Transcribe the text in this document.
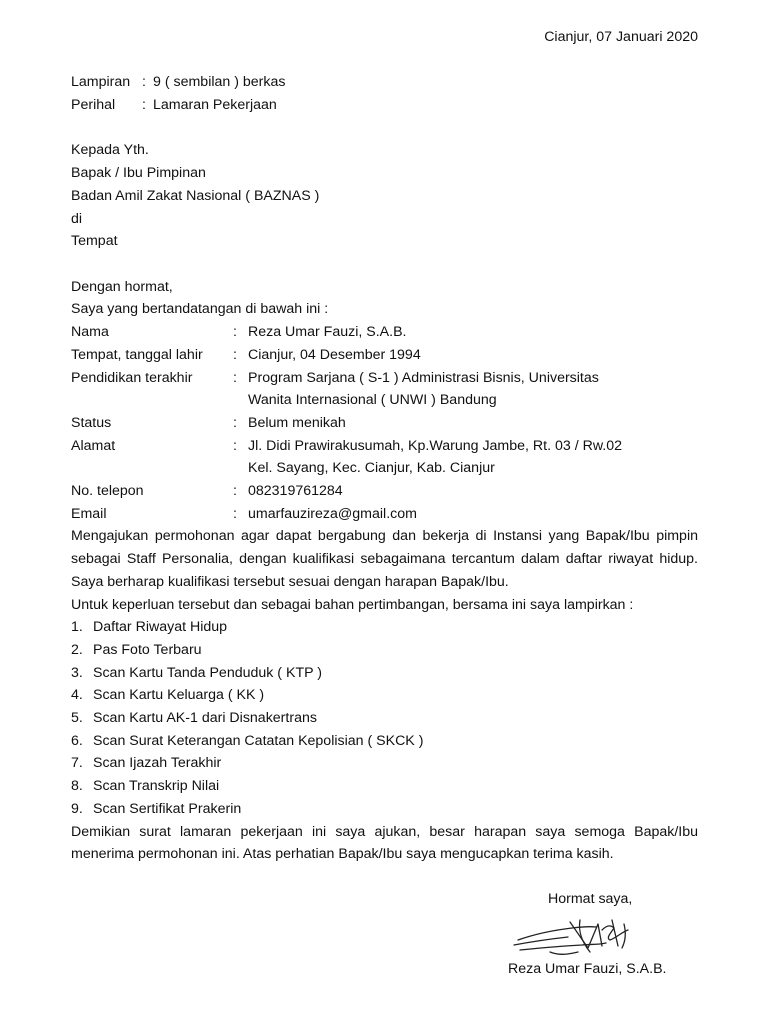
Cianjur, 07 Januari 2020
Lampiran : 9 ( sembilan ) berkas
Perihal	: Lamaran Pekerjaan
Kepada Yth.
Bapak / Ibu Pimpinan
Badan Amil Zakat Nasional ( BAZNAS )
di
Tempat
Dengan hormat,
Saya yang bertandatangan di bawah ini :
Nama	: Reza Umar Fauzi, S.A.B.
Tempat, tanggal lahir	: Cianjur, 04 Desember 1994
Pendidikan terakhir	: Program Sarjana ( S-1 ) Administrasi Bisnis, Universitas
Wanita Internasional ( UNWI ) Bandung
Status	: Belum menikah
Alamat	: Jl. Didi Prawirakusumah, Kp.Warung Jambe, Rt. 03 / Rw.02
Kel. Sayang, Kec. Cianjur, Kab. Cianjur
No. telepon	: 082319761284
Email	: umarfauzireza@gmail.com
Mengajukan permohonan agar dapat bergabung dan bekerja di Instansi yang Bapak/Ibu pimpin sebagai Staff Personalia, dengan kualifikasi sebagaimana tercantum dalam daftar riwayat hidup. Saya berharap kualifikasi tersebut sesuai dengan harapan Bapak/Ibu.
Untuk keperluan tersebut dan sebagai bahan pertimbangan, bersama ini saya lampirkan :
1. Daftar Riwayat Hidup
2. Pas Foto Terbaru
3. Scan Kartu Tanda Penduduk ( KTP )
4. Scan Kartu Keluarga ( KK )
5. Scan Kartu AK-1 dari Disnakertrans
6. Scan Surat Keterangan Catatan Kepolisian ( SKCK )
7. Scan Ijazah Terakhir
8. Scan Transkrip Nilai
9. Scan Sertifikat Prakerin
Demikian surat lamaran pekerjaan ini saya ajukan, besar harapan saya semoga Bapak/Ibu menerima permohonan ini. Atas perhatian Bapak/Ibu saya mengucapkan terima kasih.
Hormat saya,
Reza Umar Fauzi, S.A.B.
